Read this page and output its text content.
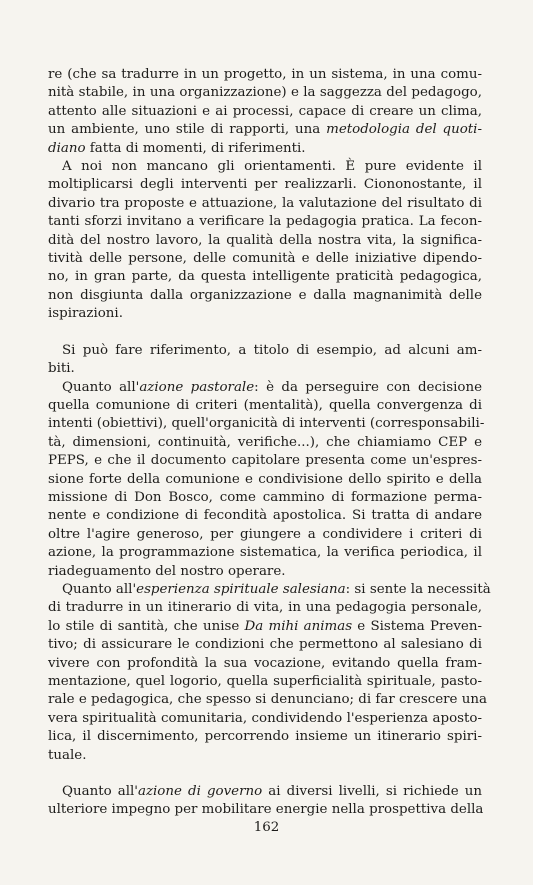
re (che sa tradurre in un progetto, in un sistema, in una comu-
nità stabile, in una organizzazione) e la saggezza del pedagogo,
attento alle situazioni e ai processi, capace di creare un clima,
un ambiente, uno stile di rapporti, una metodologia del quoti-
diano fatta di momenti, di riferimenti.

A noi non mancano gli orientamenti. È pure evidente il
moltiplicarsi degli interventi per realizzarli. Ciononostante, il
divario tra proposte e attuazione, la valutazione del risultato di
tanti sforzi invitano a verificare la pedagogia pratica. La fecon-
dità del nostro lavoro, la qualità della nostra vita, la significa-
tività delle persone, delle comunità e delle iniziative dipendo-
no, in gran parte, da questa intelligente praticità pedagogica,
non disgiunta dalla organizzazione e dalla magnanimità delle
ispirazioni.

Si può fare riferimento, a titolo di esempio, ad alcuni am-
biti.

Quanto all'azione pastorale: è da perseguire con decisione
quella comunione di criteri (mentalità), quella convergenza di
intenti (obiettivi), quell'organicità di interventi (corresponsabili-
tà, dimensioni, continuità, verifiche...), che chiamiamo CEP e
PEPS, e che il documento capitolare presenta come un'espres-
sione forte della comunione e condivisione dello spirito e della
missione di Don Bosco, come cammino di formazione perma-
nente e condizione di fecondità apostolica. Si tratta di andare
oltre l'agire generoso, per giungere a condividere i criteri di
azione, la programmazione sistematica, la verifica periodica, il
riadeguamento del nostro operare.

Quanto all'esperienza spirituale salesiana: si sente la necessità
di tradurre in un itinerario di vita, in una pedagogia personale,
lo stile di santità, che unise Da mihi animas e Sistema Preven-
tivo; di assicurare le condizioni che permettono al salesiano di
vivere con profondità la sua vocazione, evitando quella fram-
mentazione, quel logorio, quella superficialità spirituale, pasto-
rale e pedagogica, che spesso si denunciano; di far crescere una
vera spiritualità comunitaria, condividendo l'esperienza aposto-
lica, il discernimento, percorrendo insieme un itinerario spiri-
tuale.

Quanto all'azione di governo ai diversi livelli, si richiede un
ulteriore impegno per mobilitare energie nella prospettiva della

162
